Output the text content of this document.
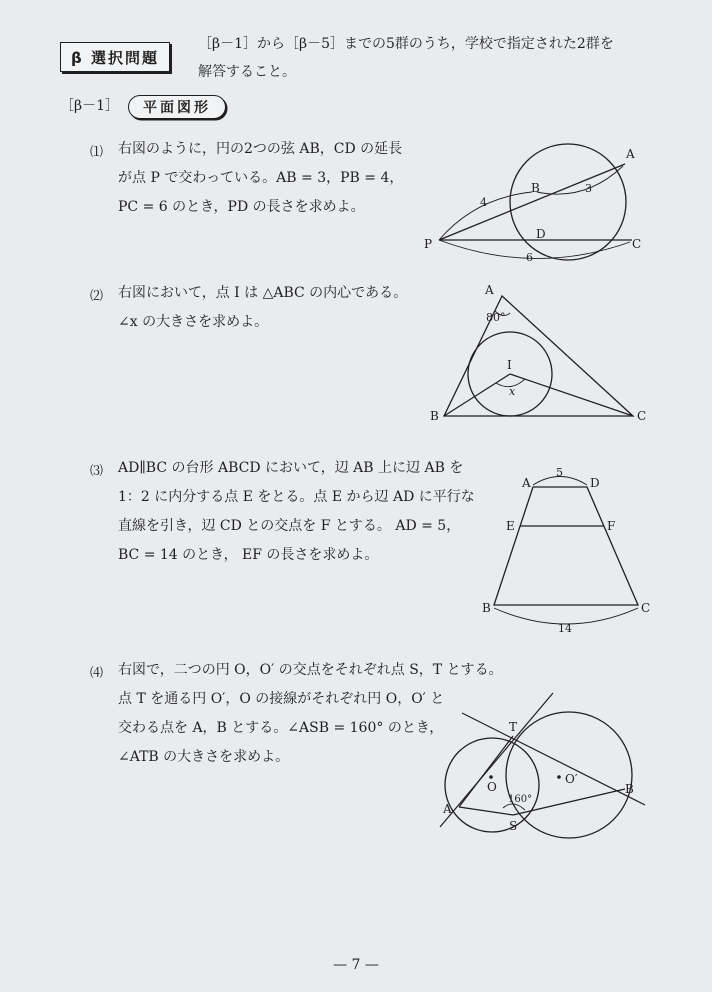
β 選択問題
［β－1］から［β－5］までの5群のうち，学校で指定された2群を
解答すること。
［β－1］	平面図形
⑴ 右図のように，円の2つの弦 AB，CD の延長
が点 P で交わっている。AB = 3，PB = 4，
PC = 6 のとき，PD の長さを求めよ。
A
B
C
D
P
4
3
6
⑵ 右図において，点 I は △ABC の内心である。
∠x の大きさを求めよ。
A
B	C
I
80°
x
⑶ AD∥BC の台形 ABCD において，辺 AB 上に辺 AB を
1：2 に内分する点 E をとる。点 E から辺 AD に平行な
直線を引き，辺 CD との交点を F とする。 AD = 5，
BC = 14 のとき， EF の長さを求めよ。
A	D
E	F
B	C
5
14
⑷ 右図で，二つの円 O，O′ の交点をそれぞれ点 S，T とする。
点 T を通る円 O′，O の接線がそれぞれ円 O，O′ と
交わる点を A，B とする。∠ASB = 160° のとき，
∠ATB の大きさを求めよ。
T
A
B
S
O
O′
160°
— 7 —
